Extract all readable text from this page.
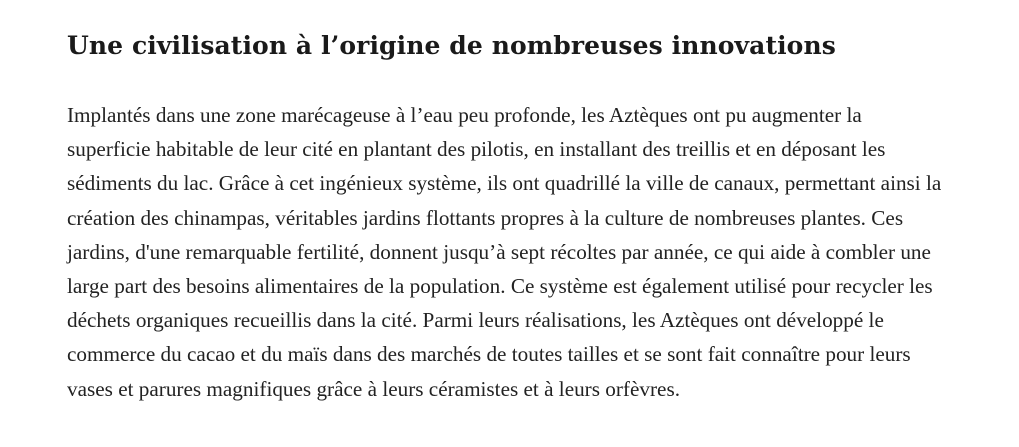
Une civilisation à l’origine de nombreuses innovations

Implantés dans une zone marécageuse à l’eau peu profonde, les Aztèques ont pu augmenter la superficie habitable de leur cité en plantant des pilotis, en installant des treillis et en déposant les sédiments du lac. Grâce à cet ingénieux système, ils ont quadrillé la ville de canaux, permettant ainsi la création des chinampas, véritables jardins flottants propres à la culture de nombreuses plantes. Ces jardins, d'une remarquable fertilité, donnent jusqu’à sept récoltes par année, ce qui aide à combler une large part des besoins alimentaires de la population. Ce système est également utilisé pour recycler les déchets organiques recueillis dans la cité. Parmi leurs réalisations, les Aztèques ont développé le commerce du cacao et du maïs dans des marchés de toutes tailles et se sont fait connaître pour leurs vases et parures magnifiques grâce à leurs céramistes et à leurs orfèvres.
